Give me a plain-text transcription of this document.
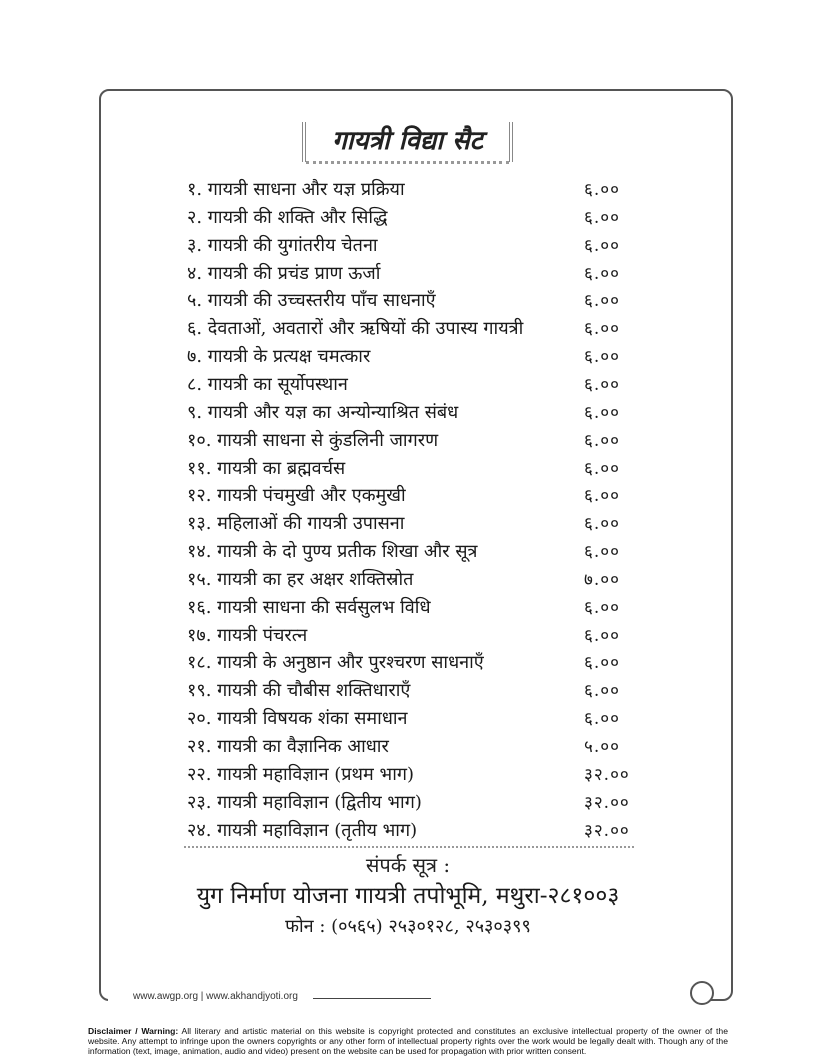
www.awgp.org | www.akhandjyoti.org
गायत्री विद्या सैट
१. गायत्री साधना और यज्ञ प्रक्रिया	६.००
२. गायत्री की शक्ति और सिद्धि	६.००
३. गायत्री की युगांतरीय चेतना	६.००
४. गायत्री की प्रचंड प्राण ऊर्जा	६.००
५. गायत्री की उच्चस्तरीय पाँच साधनाएँ	६.००
६. देवताओं, अवतारों और ऋषियों की उपास्य गायत्री	६.००
७. गायत्री के प्रत्यक्ष चमत्कार	६.००
८. गायत्री का सूर्योपस्थान	६.००
९. गायत्री और यज्ञ का अन्योन्याश्रित संबंध	६.००
१०. गायत्री साधना से कुंडलिनी जागरण	६.००
११. गायत्री का ब्रह्मवर्चस	६.००
१२. गायत्री पंचमुखी और एकमुखी	६.००
१३. महिलाओं की गायत्री उपासना	६.००
१४. गायत्री के दो पुण्य प्रतीक शिखा और सूत्र	६.००
१५. गायत्री का हर अक्षर शक्तिस्रोत	७.००
१६. गायत्री साधना की सर्वसुलभ विधि	६.००
१७. गायत्री पंचरत्न	६.००
१८. गायत्री के अनुष्ठान और पुरश्चरण साधनाएँ	६.००
१९. गायत्री की चौबीस शक्तिधाराएँ	६.००
२०. गायत्री विषयक शंका समाधान	६.००
२१. गायत्री का वैज्ञानिक आधार	५.००
२२. गायत्री महाविज्ञान (प्रथम भाग)	३२.००
२३. गायत्री महाविज्ञान (द्वितीय भाग)	३२.००
२४. गायत्री महाविज्ञान (तृतीय भाग)	३२.००
संपर्क सूत्र :
युग निर्माण योजना गायत्री तपोभूमि, मथुरा-२८१००३
फोन : (०५६५) २५३०१२८, २५३०३९९
Disclaimer / Warning: All literary and artistic material on this website is copyright protected and constitutes an exclusive intellectual property of the owner of the website. Any attempt to infringe upon the owners copyrights or any other form of intellectual property rights over the work would be legally dealt with. Though any of the information (text, image, animation, audio and video) present on the website can be used for propagation with prior written consent.
